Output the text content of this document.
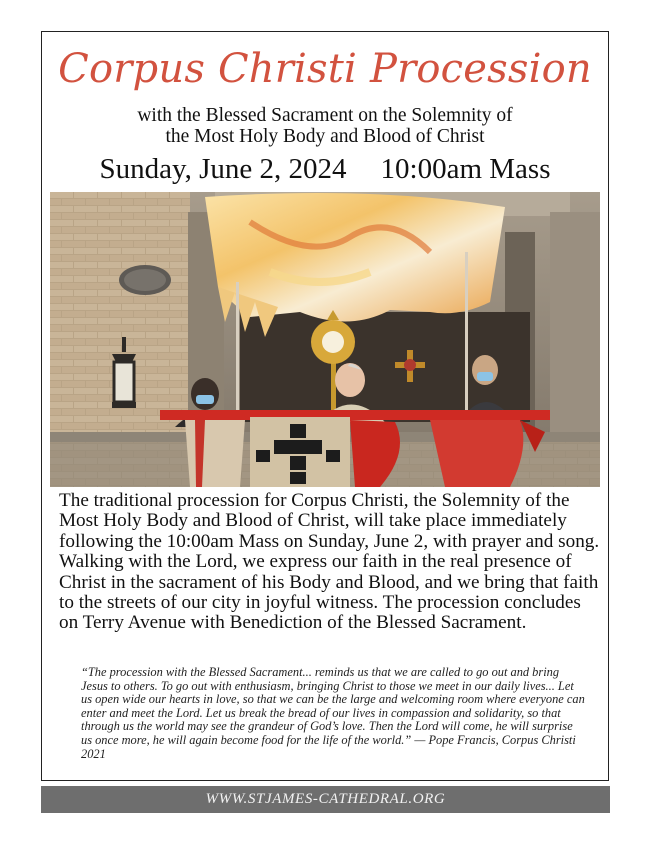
Corpus Christi Procession
with the Blessed Sacrament on the Solemnity of
the Most Holy Body and Blood of Christ
Sunday, June 2, 2024 10:00am Mass
The traditional procession for Corpus Christi, the Solemnity of the Most Holy Body and Blood of Christ, will take place immediately following the 10:00am Mass on Sunday, June 2, with prayer and song. Walking with the Lord, we express our faith in the real presence of Christ in the sacrament of his Body and Blood, and we bring that faith to the streets of our city in joyful witness. The procession concludes on Terry Avenue with Benediction of the Blessed Sacrament.
“The procession with the Blessed Sacrament... reminds us that we are called to go out and bring Jesus to others. To go out with enthusiasm, bringing Christ to those we meet in our daily lives... Let us open wide our hearts in love, so that we can be the large and welcoming room where everyone can enter and meet the Lord. Let us break the bread of our lives in compassion and solidarity, so that through us the world may see the grandeur of God’s love. Then the Lord will come, he will surprise us once more, he will again become food for the life of the world.” — Pope Francis, Corpus Christi 2021
WWW.STJAMES-CATHEDRAL.ORG
